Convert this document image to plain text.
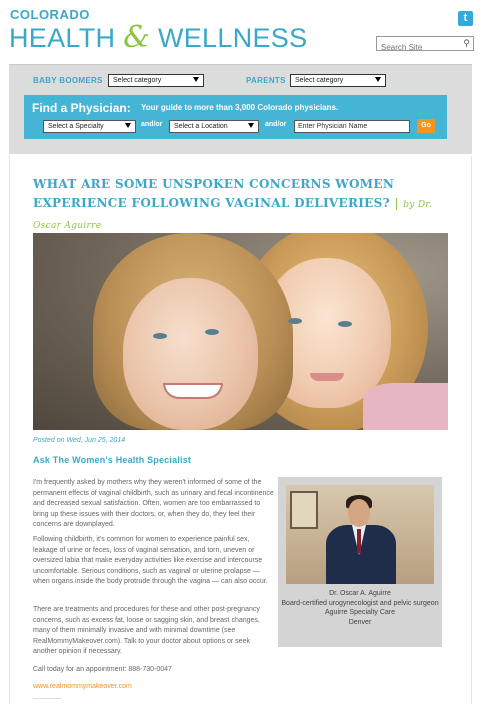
COLORADO
HEALTH & WELLNESS
t
Search Site
⚲
BABY BOOMERS	Select category	PARENTS	Select category
Find a Physician: Your guide to more than 3,000 Colorado physicians.
Select a Specialty	and/or	Select a Location	and/or	Enter Physician Name	Go
WHAT ARE SOME UNSPOKEN CONCERNS WOMEN EXPERIENCE FOLLOWING VAGINAL DELIVERIES? | by Dr. Oscar Aguirre
Posted on Wed, Jun 25, 2014
Ask The Women's Health Specialist
I'm frequently asked by mothers why they weren't informed of some of the permanent effects of vaginal childbirth, such as urinary and fecal incontinence and decreased sexual satisfaction. Often, women are too embarrassed to bring up these issues with their doctors, or, when they do, they feel their concerns are downplayed.
Following childbirth, it's common for women to experience painful sex, leakage of urine or feces, loss of vaginal sensation, and torn, uneven or oversized labia that make everyday activities like exercise and intercourse uncomfortable. Serious conditions, such as vaginal or uterine prolapse — when organs inside the body protrude through the vagina — can also occur.
There are treatments and procedures for these and other post-pregnancy concerns, such as excess fat, loose or sagging skin, and breast changes, many of them minimally invasive and with minimal downtime (see RealMommyMakeover.com). Talk to your doctor about options or seek another opinion if necessary.
Call today for an appointment: 888-730-0047
www.realmommymakeover.com
Dr. Oscar A. Aguirre
Board-certified urogynecologist and pelvic surgeon
Aguirre Specialty Care
Denver
